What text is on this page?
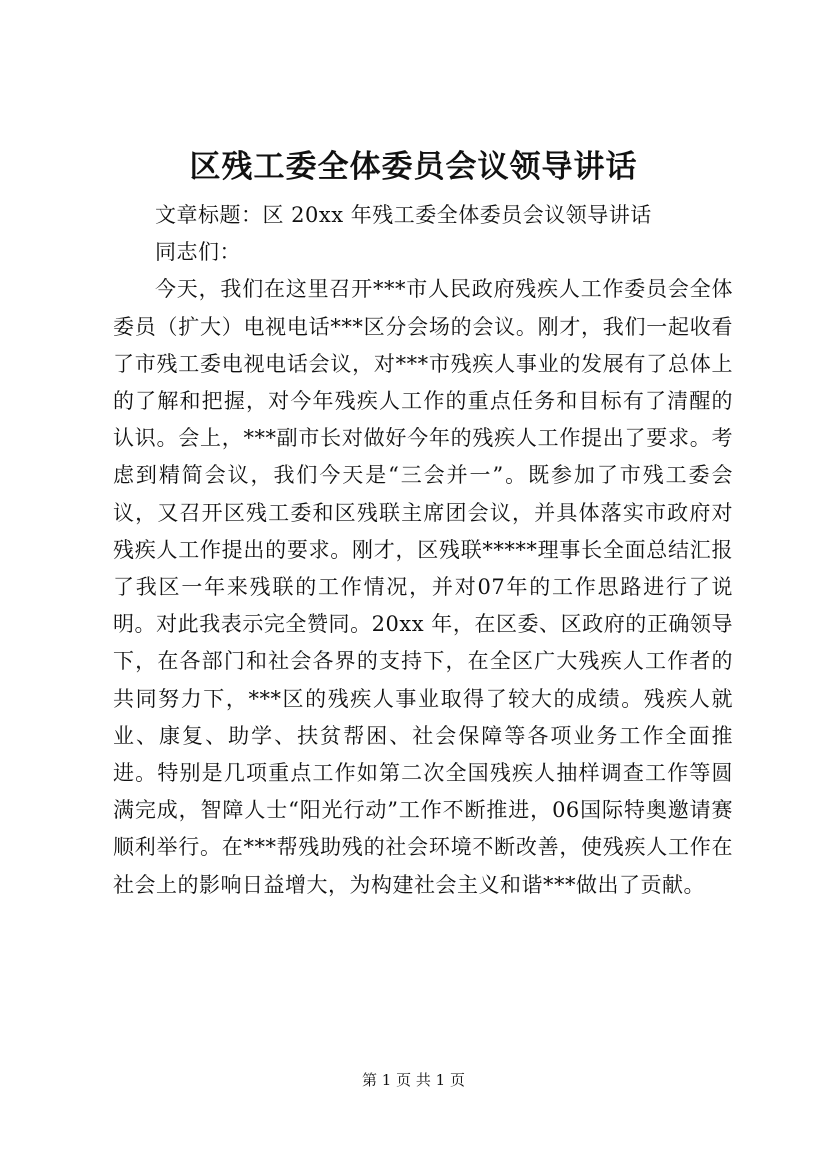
区残工委全体委员会议领导讲话

文章标题：区 20xx 年残工委全体委员会议领导讲话

同志们：

今天，我们在这里召开***市人民政府残疾人工作委员会全体委员（扩大）电视电话***区分会场的会议。刚才，我们一起收看了市残工委电视电话会议，对***市残疾人事业的发展有了总体上的了解和把握，对今年残疾人工作的重点任务和目标有了清醒的认识。会上，***副市长对做好今年的残疾人工作提出了要求。考虑到精简会议，我们今天是“三会并一”。既参加了市残工委会议，又召开区残工委和区残联主席团会议，并具体落实市政府对残疾人工作提出的要求。刚才，区残联*****理事长全面总结汇报了我区一年来残联的工作情况，并对07年的工作思路进行了说明。对此我表示完全赞同。20xx 年，在区委、区政府的正确领导下，在各部门和社会各界的支持下，在全区广大残疾人工作者的共同努力下，***区的残疾人事业取得了较大的成绩。残疾人就业、康复、助学、扶贫帮困、社会保障等各项业务工作全面推进。特别是几项重点工作如第二次全国残疾人抽样调查工作等圆满完成，智障人士“阳光行动”工作不断推进，06国际特奥邀请赛顺利举行。在***帮残助残的社会环境不断改善，使残疾人工作在社会上的影响日益增大，为构建社会主义和谐***做出了贡献。

第 1 页 共 1 页
